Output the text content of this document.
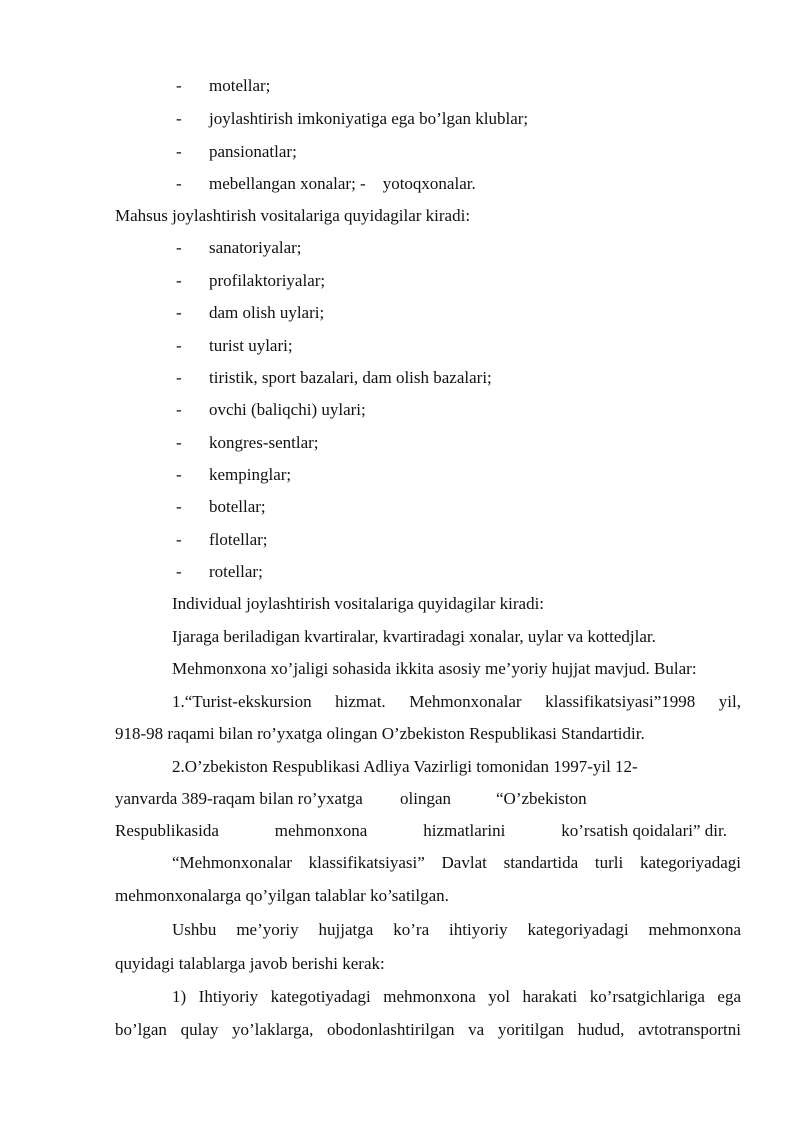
- motellar;
- joylashtirish imkoniyatiga ega bo’lgan klublar;
- pansionatlar;
- mebellangan xonalar; -    yotoqxonalar.
Mahsus joylashtirish vositalariga quyidagilar kiradi:
- sanatoriyalar;
- profilaktoriyalar;
- dam olish uylari;
- turist uylari;
- tiristik, sport bazalari, dam olish bazalari;
- ovchi (baliqchi) uylari;
- kongres-sentlar;
- kempinglar;
- botellar;
- flotellar;
- rotellar;
Individual joylashtirish vositalariga quyidagilar kiradi:
Ijaraga beriladigan kvartiralar, kvartiradagi xonalar, uylar va kottedjlar.
Mehmonxona xo’jaligi sohasida ikkita asosiy me’yoriy hujjat mavjud. Bular:
1.“Turist-ekskursion hizmat. Mehmonxonalar klassifikatsiyasi”1998 yil,
918-98 raqami bilan ro’yxatga olingan O’zbekiston Respublikasi Standartidir.
2.O’zbekiston Respublikasi Adliya Vazirligi tomonidan 1997-yil 12-
yanvarda 389-raqam bilan ro’yxatga olingan	“O’zbekiston
Respublikasida	mehmonxona	hizmatlarini	ko’rsatish qoidalari” dir.
“Mehmonxonalar klassifikatsiyasi” Davlat standartida turli kategoriyadagi
mehmonxonalarga qo’yilgan talablar ko’satilgan.
Ushbu me’yoriy hujjatga ko’ra ihtiyoriy kategoriyadagi mehmonxona
quyidagi talablarga javob berishi kerak:
1) Ihtiyoriy kategotiyadagi mehmonxona yol harakati ko’rsatgichlariga ega
bo’lgan qulay yo’laklarga, obodonlashtirilgan va yoritilgan hudud, avtotransportni
